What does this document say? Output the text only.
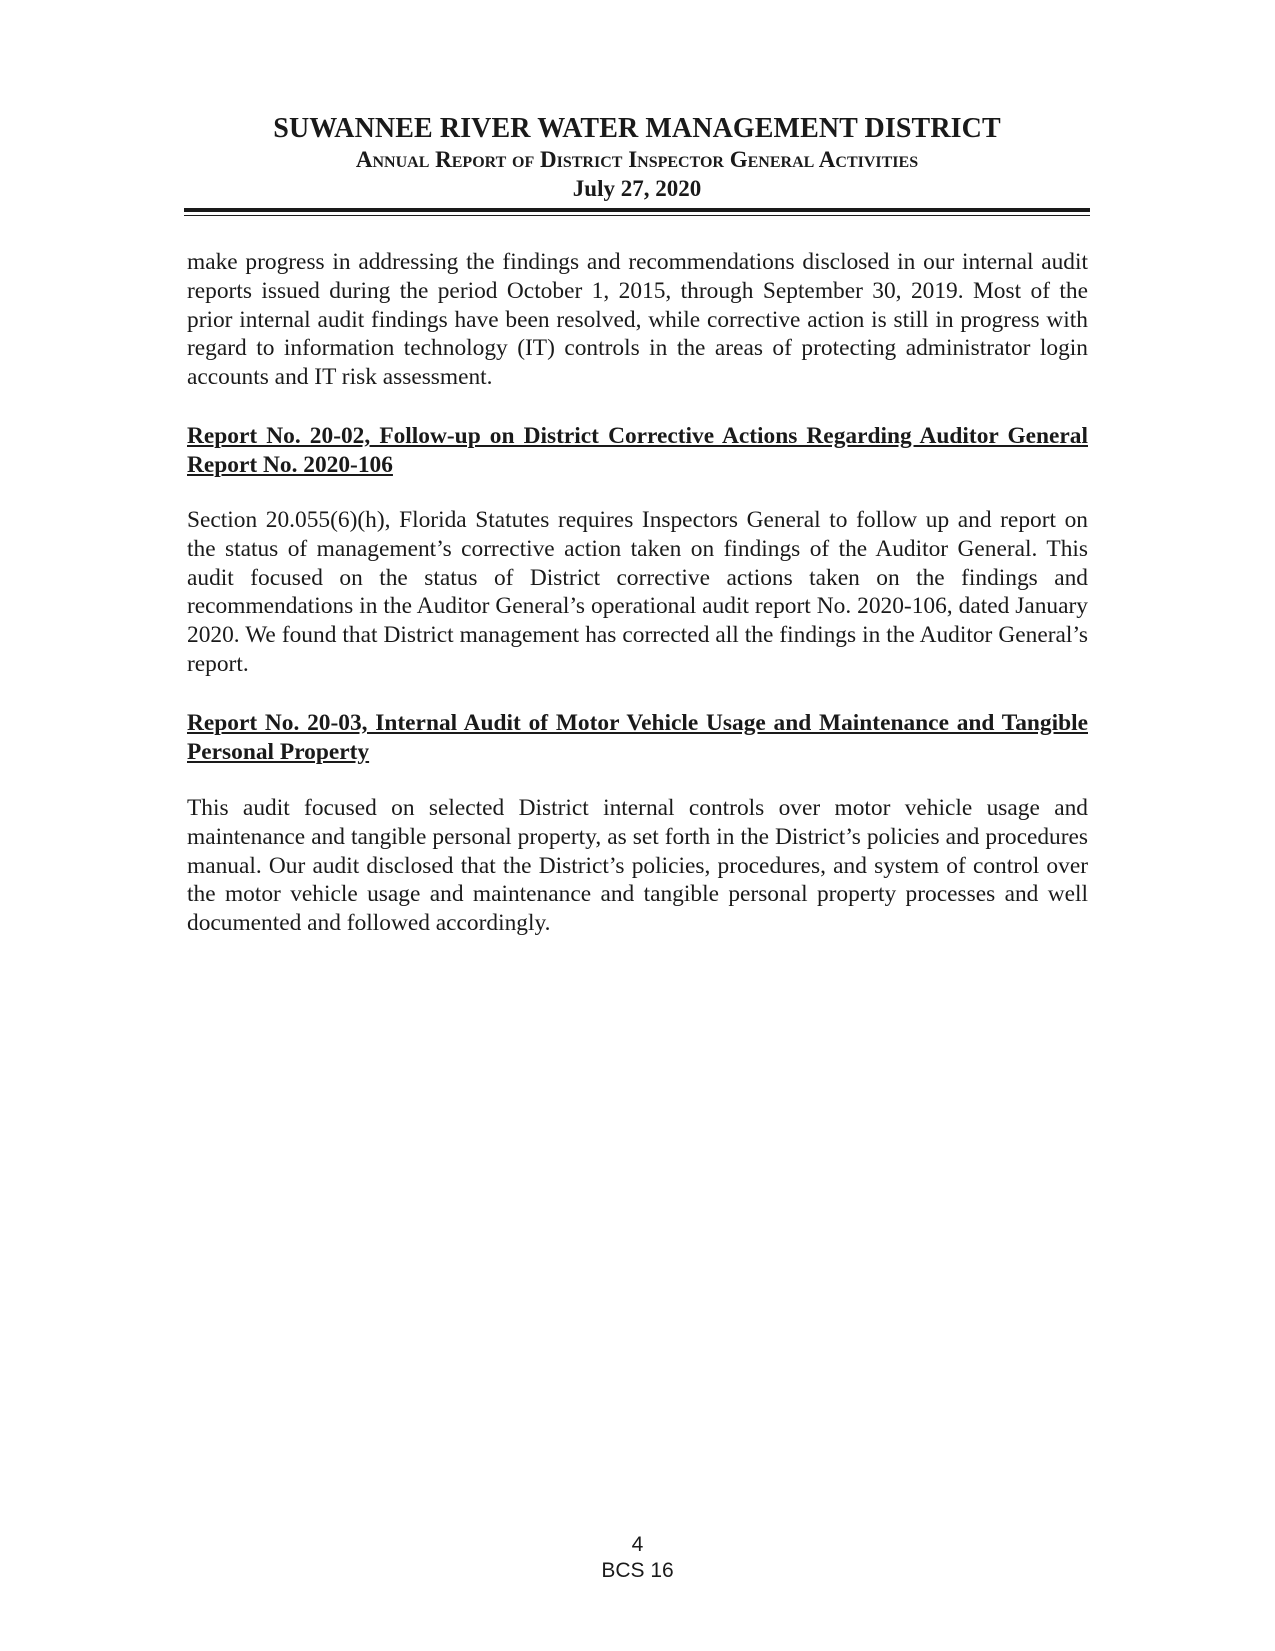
SUWANNEE RIVER WATER MANAGEMENT DISTRICT
Annual Report of District Inspector General Activities
July 27, 2020

make progress in addressing the findings and recommendations disclosed in our internal audit reports issued during the period October 1, 2015, through September 30, 2019. Most of the prior internal audit findings have been resolved, while corrective action is still in progress with regard to information technology (IT) controls in the areas of protecting administrator login accounts and IT risk assessment.

Report No. 20-02, Follow-up on District Corrective Actions Regarding Auditor General Report No. 2020-106

Section 20.055(6)(h), Florida Statutes requires Inspectors General to follow up and report on the status of management’s corrective action taken on findings of the Auditor General. This audit focused on the status of District corrective actions taken on the findings and recommendations in the Auditor General’s operational audit report No. 2020-106, dated January 2020. We found that District management has corrected all the findings in the Auditor General’s report.

Report No. 20-03, Internal Audit of Motor Vehicle Usage and Maintenance and Tangible Personal Property

This audit focused on selected District internal controls over motor vehicle usage and maintenance and tangible personal property, as set forth in the District’s policies and procedures manual. Our audit disclosed that the District’s policies, procedures, and system of control over the motor vehicle usage and maintenance and tangible personal property processes and well documented and followed accordingly.

4
BCS 16
